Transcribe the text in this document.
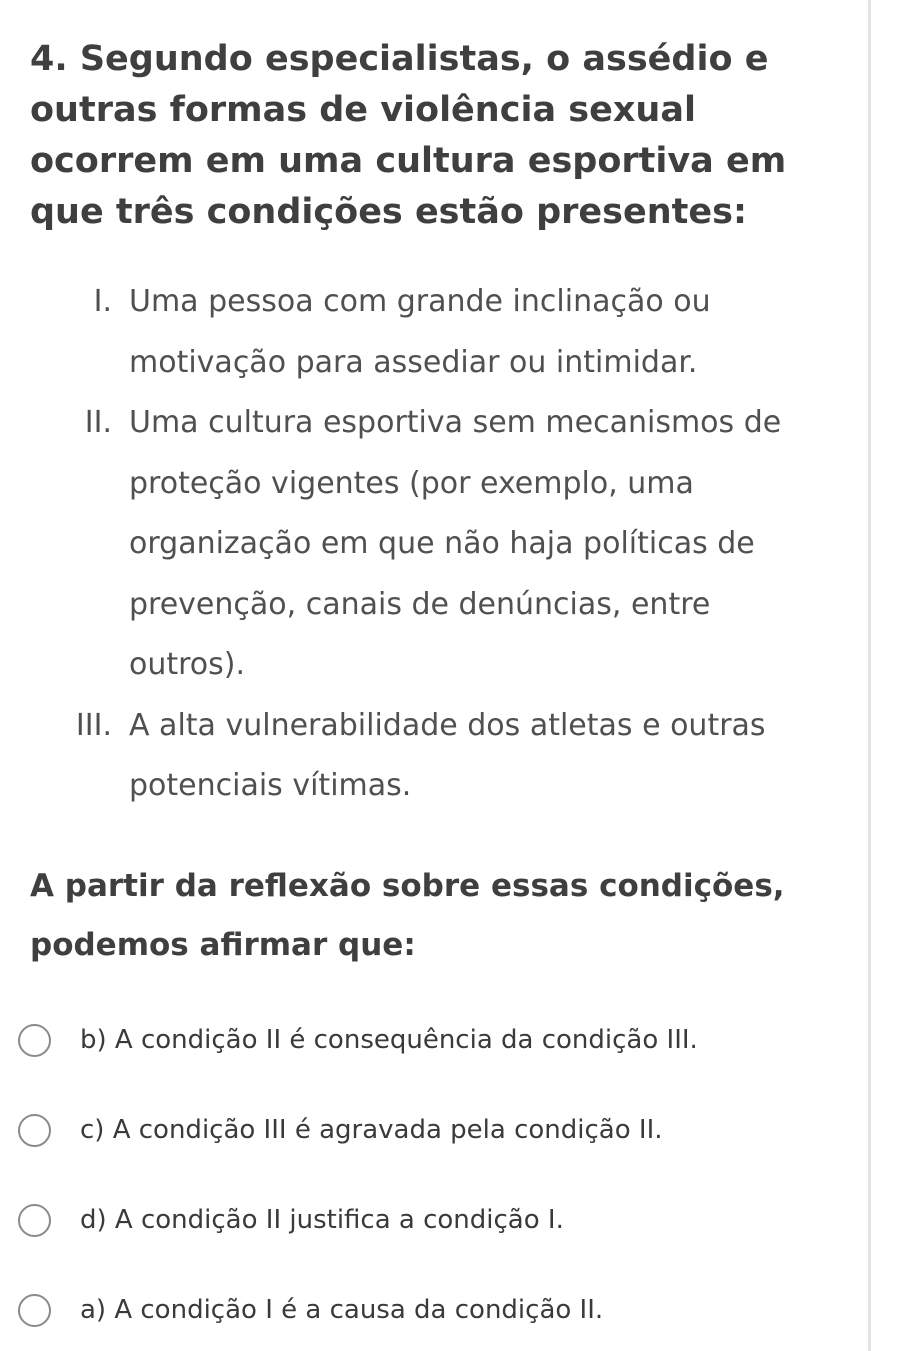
4. Segundo especialistas, o assédio e outras formas de violência sexual ocorrem em uma cultura esportiva em que três condições estão presentes:
I. Uma pessoa com grande inclinação ou motivação para assediar ou intimidar.
II. Uma cultura esportiva sem mecanismos de proteção vigentes (por exemplo, uma organização em que não haja políticas de prevenção, canais de denúncias, entre outros).
III. A alta vulnerabilidade dos atletas e outras potenciais vítimas.

A partir da reflexão sobre essas condições, podemos afirmar que:

b) A condição II é consequência da condição III.
c) A condição III é agravada pela condição II.
d) A condição II justifica a condição I.
a) A condição I é a causa da condição II.
